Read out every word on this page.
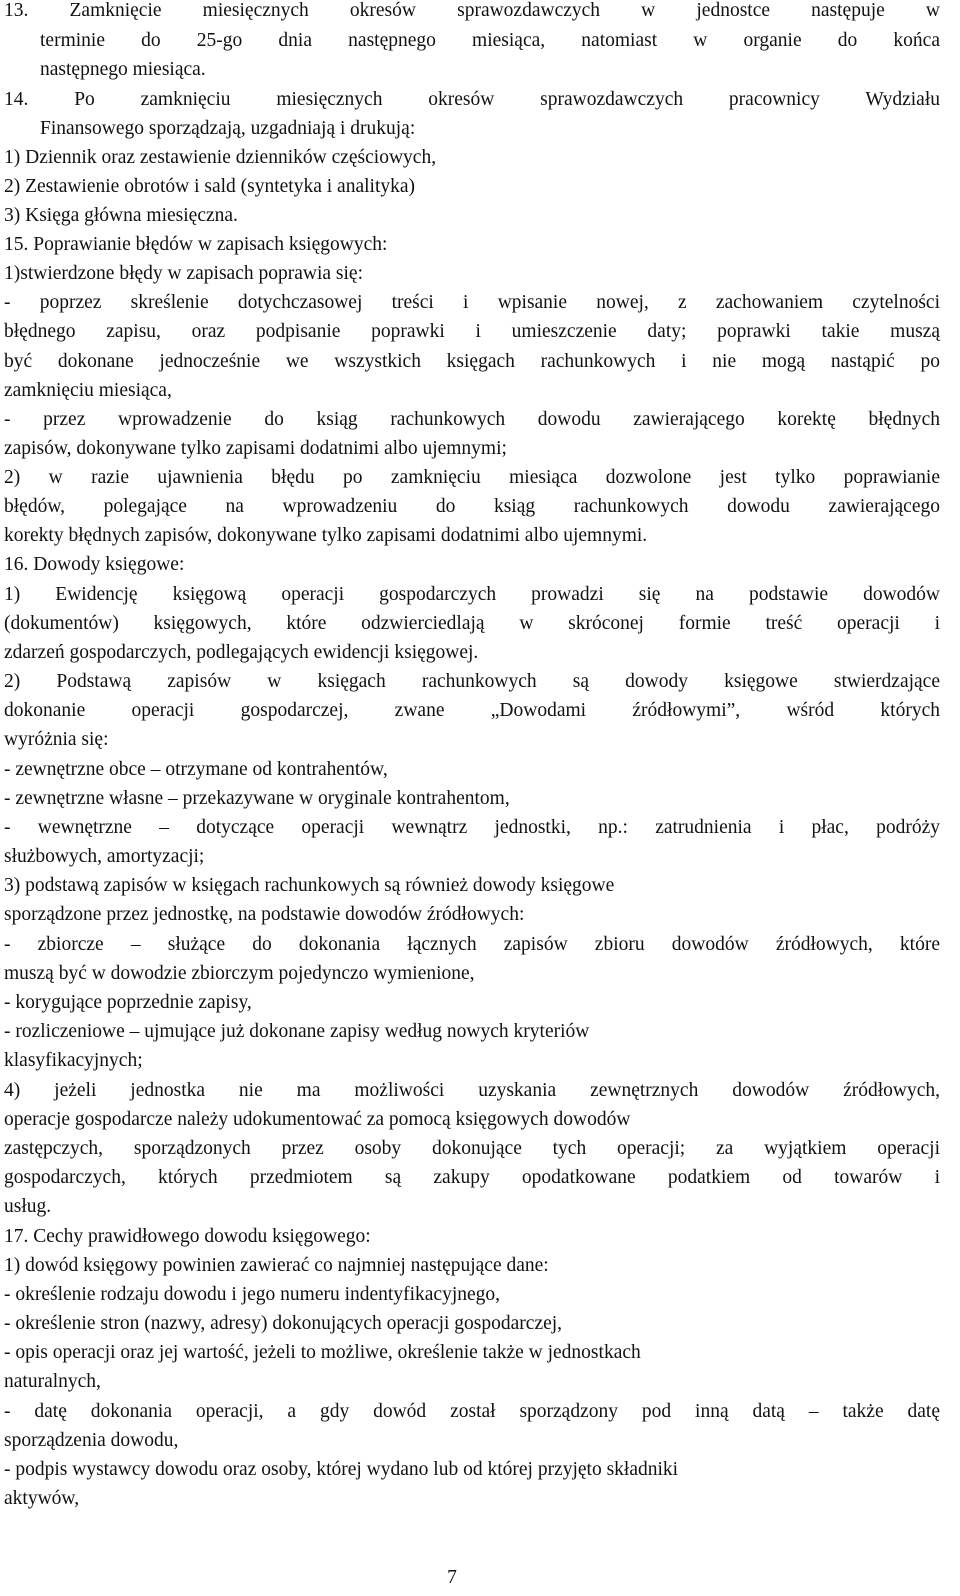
13. Zamknięcie miesięcznych okresów sprawozdawczych w jednostce następuje w
terminie do 25-go dnia następnego miesiąca, natomiast w organie do końca
następnego miesiąca.
14. Po zamknięciu miesięcznych okresów sprawozdawczych pracownicy Wydziału
Finansowego sporządzają, uzgadniają i drukują:
1) Dziennik oraz zestawienie dzienników częściowych,
2) Zestawienie obrotów i sald (syntetyka i analityka)
3) Księga główna miesięczna.
15. Poprawianie błędów w zapisach księgowych:
1)stwierdzone błędy w zapisach poprawia się:
- poprzez skreślenie dotychczasowej treści i wpisanie nowej, z zachowaniem czytelności
błędnego zapisu, oraz podpisanie poprawki i umieszczenie daty; poprawki takie muszą
być dokonane jednocześnie we wszystkich księgach rachunkowych i nie mogą nastąpić po
zamknięciu miesiąca,
- przez wprowadzenie do ksiąg rachunkowych dowodu zawierającego korektę błędnych
zapisów, dokonywane tylko zapisami dodatnimi albo ujemnymi;
2) w razie ujawnienia błędu po zamknięciu miesiąca dozwolone jest tylko poprawianie
błędów, polegające na wprowadzeniu do ksiąg rachunkowych dowodu zawierającego
korekty błędnych zapisów, dokonywane tylko zapisami dodatnimi albo ujemnymi.
16. Dowody księgowe:
1) Ewidencję księgową operacji gospodarczych prowadzi się na podstawie dowodów
(dokumentów) księgowych, które odzwierciedlają w skróconej formie treść operacji i
zdarzeń gospodarczych, podlegających ewidencji księgowej.
2) Podstawą zapisów w księgach rachunkowych są dowody księgowe stwierdzające
dokonanie operacji gospodarczej, zwane „Dowodami źródłowymi”, wśród których
wyróżnia się:
- zewnętrzne obce – otrzymane od kontrahentów,
- zewnętrzne własne – przekazywane w oryginale kontrahentom,
- wewnętrzne – dotyczące operacji wewnątrz jednostki, np.: zatrudnienia i płac, podróży
służbowych, amortyzacji;
3) podstawą zapisów w księgach rachunkowych są również dowody księgowe
sporządzone przez jednostkę, na podstawie dowodów źródłowych:
- zbiorcze – służące do dokonania łącznych zapisów zbioru dowodów źródłowych, które
muszą być w dowodzie zbiorczym pojedynczo wymienione,
- korygujące poprzednie zapisy,
- rozliczeniowe – ujmujące już dokonane zapisy według nowych kryteriów
klasyfikacyjnych;
4) jeżeli jednostka nie ma możliwości uzyskania zewnętrznych dowodów źródłowych,
operacje gospodarcze należy udokumentować za pomocą księgowych dowodów
zastępczych, sporządzonych przez osoby dokonujące tych operacji; za wyjątkiem operacji
gospodarczych, których przedmiotem są zakupy opodatkowane podatkiem od towarów i
usług.
17. Cechy prawidłowego dowodu księgowego:
1) dowód księgowy powinien zawierać co najmniej następujące dane:
- określenie rodzaju dowodu i jego numeru indentyfikacyjnego,
- określenie stron (nazwy, adresy) dokonujących operacji gospodarczej,
- opis operacji oraz jej wartość, jeżeli to możliwe, określenie także w jednostkach
naturalnych,
- datę dokonania operacji, a gdy dowód został sporządzony pod inną datą – także datę
sporządzenia dowodu,
- podpis wystawcy dowodu oraz osoby, której wydano lub od której przyjęto składniki
aktywów,
7
